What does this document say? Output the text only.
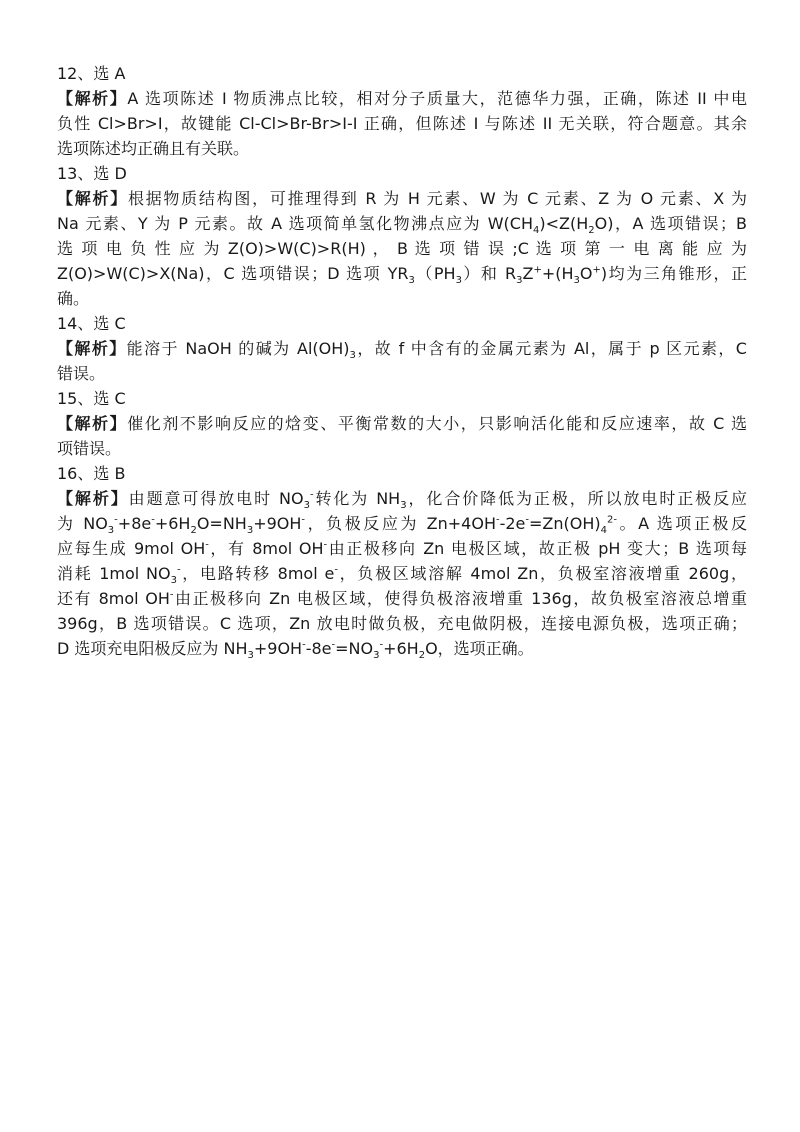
12、选 A
【解析】A 选项陈述 I 物质沸点比较，相对分子质量大，范德华力强，正确，陈述 II 中电
负性 Cl>Br>I，故键能 Cl-Cl>Br-Br>I-I 正确，但陈述 I 与陈述 II 无关联，符合题意。其余
选项陈述均正确且有关联。
13、选 D
【解析】根据物质结构图，可推理得到 R 为 H 元素、W 为 C 元素、Z 为 O 元素、X 为
Na 元素、Y 为 P 元素。故 A 选项简单氢化物沸点应为 $W(CH_4)<Z(H_2O)$，A 选项错误；B
选 项 电 负 性 应 为 Z(O)>W(C)>R(H) ， B 选 项 错 误 ;C 选 项 第 一 电 离 能 应 为
Z(O)>W(C)>X(Na)，C 选项错误；D 选项 $YR_3(PH_3)$和 $R_3Z^++(H_3O^+)$均为三角锥形，正
确。
14、选 C
【解析】能溶于 NaOH 的碱为 $Al(OH)_3$，故 f 中含有的金属元素为 Al，属于 p 区元素，C
错误。
15、选 C
【解析】催化剂不影响反应的焓变、平衡常数的大小，只影响活化能和反应速率，故 C 选
项错误。
16、选 B
【解析】由题意可得放电时 $NO_3^-$转化为 $NH_3$，化合价降低为正极，所以放电时正极反应
为 $NO_3^-+8e^-+6H_2O=NH_3+9OH^-$，负极反应为 $Zn+4OH^--2e^-=Zn(OH)_4^{2-}$。A 选项正极反
应每生成 9mol OH-，有 8mol OH-由正极移向 Zn 电极区域，故正极 pH 变大；B 选项每
消耗 1mol $NO_3^-$，电路转移 8mol e-，负极区域溶解 4mol Zn，负极室溶液增重 260g，
还有 8mol OH-由正极移向 Zn 电极区域，使得负极溶液增重 136g，故负极室溶液总增重
396g，B 选项错误。C 选项，Zn 放电时做负极，充电做阴极，连接电源负极，选项正确；
D 选项充电阳极反应为 $NH_3+9OH^--8e^-=NO_3^-+6H_2O$，选项正确。
